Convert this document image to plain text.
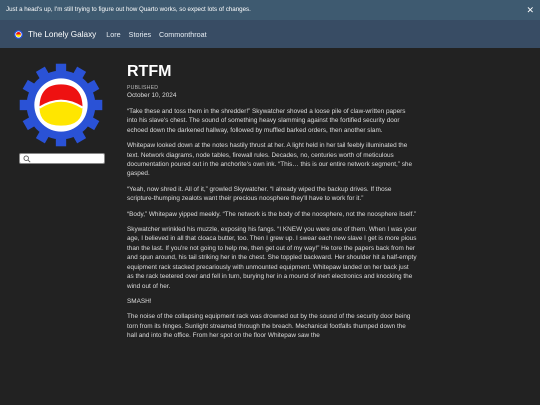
Just a head's up, I'm still trying to figure out how Quarto works, so expect lots of changes.	✕
The Lonely Galaxy Lore Stories Commonthroat
RTFM
PUBLISHED
October 10, 2024

“Take these and toss them in the shredder!” Skywatcher shoved a loose pile of claw-written papers into his slave's chest. The sound of something heavy slamming against the fortified security door echoed down the darkened hallway, followed by muffled barked orders, then another slam.

Whitepaw looked down at the notes hastily thrust at her. A light held in her tail feebly illuminated the text. Network diagrams, node tables, firewall rules. Decades, no, centuries worth of meticulous documentation poured out in the anchorite's own ink. “This… this is our entire network segment,” she gasped.

“Yeah, now shred it. All of it,” growled Skywatcher. “I already wiped the backup drives. If those scripture-thumping zealots want their precious noosphere they'll have to work for it.”

“Body,” Whitepaw yipped meekly. “The network is the body of the noosphere, not the noosphere itself.”

Skywatcher wrinkled his muzzle, exposing his fangs. “I KNEW you were one of them. When I was your age, I believed in all that cloaca butter, too. Then I grew up. I swear each new slave I get is more pious than the last. If you're not going to help me, then get out of my way!” He tore the papers back from her and spun around, his tail striking her in the chest. She toppled backward. Her shoulder hit a half-empty equipment rack stacked precariously with unmounted equipment. Whitepaw landed on her back just as the rack teetered over and fell in turn, burying her in a mound of inert electronics and knocking the wind out of her.

SMASH!

The noise of the collapsing equipment rack was drowned out by the sound of the security door being torn from its hinges. Sunlight streamed through the breach. Mechanical footfalls thumped down the hall and into the office. From her spot on the floor Whitepaw saw the
